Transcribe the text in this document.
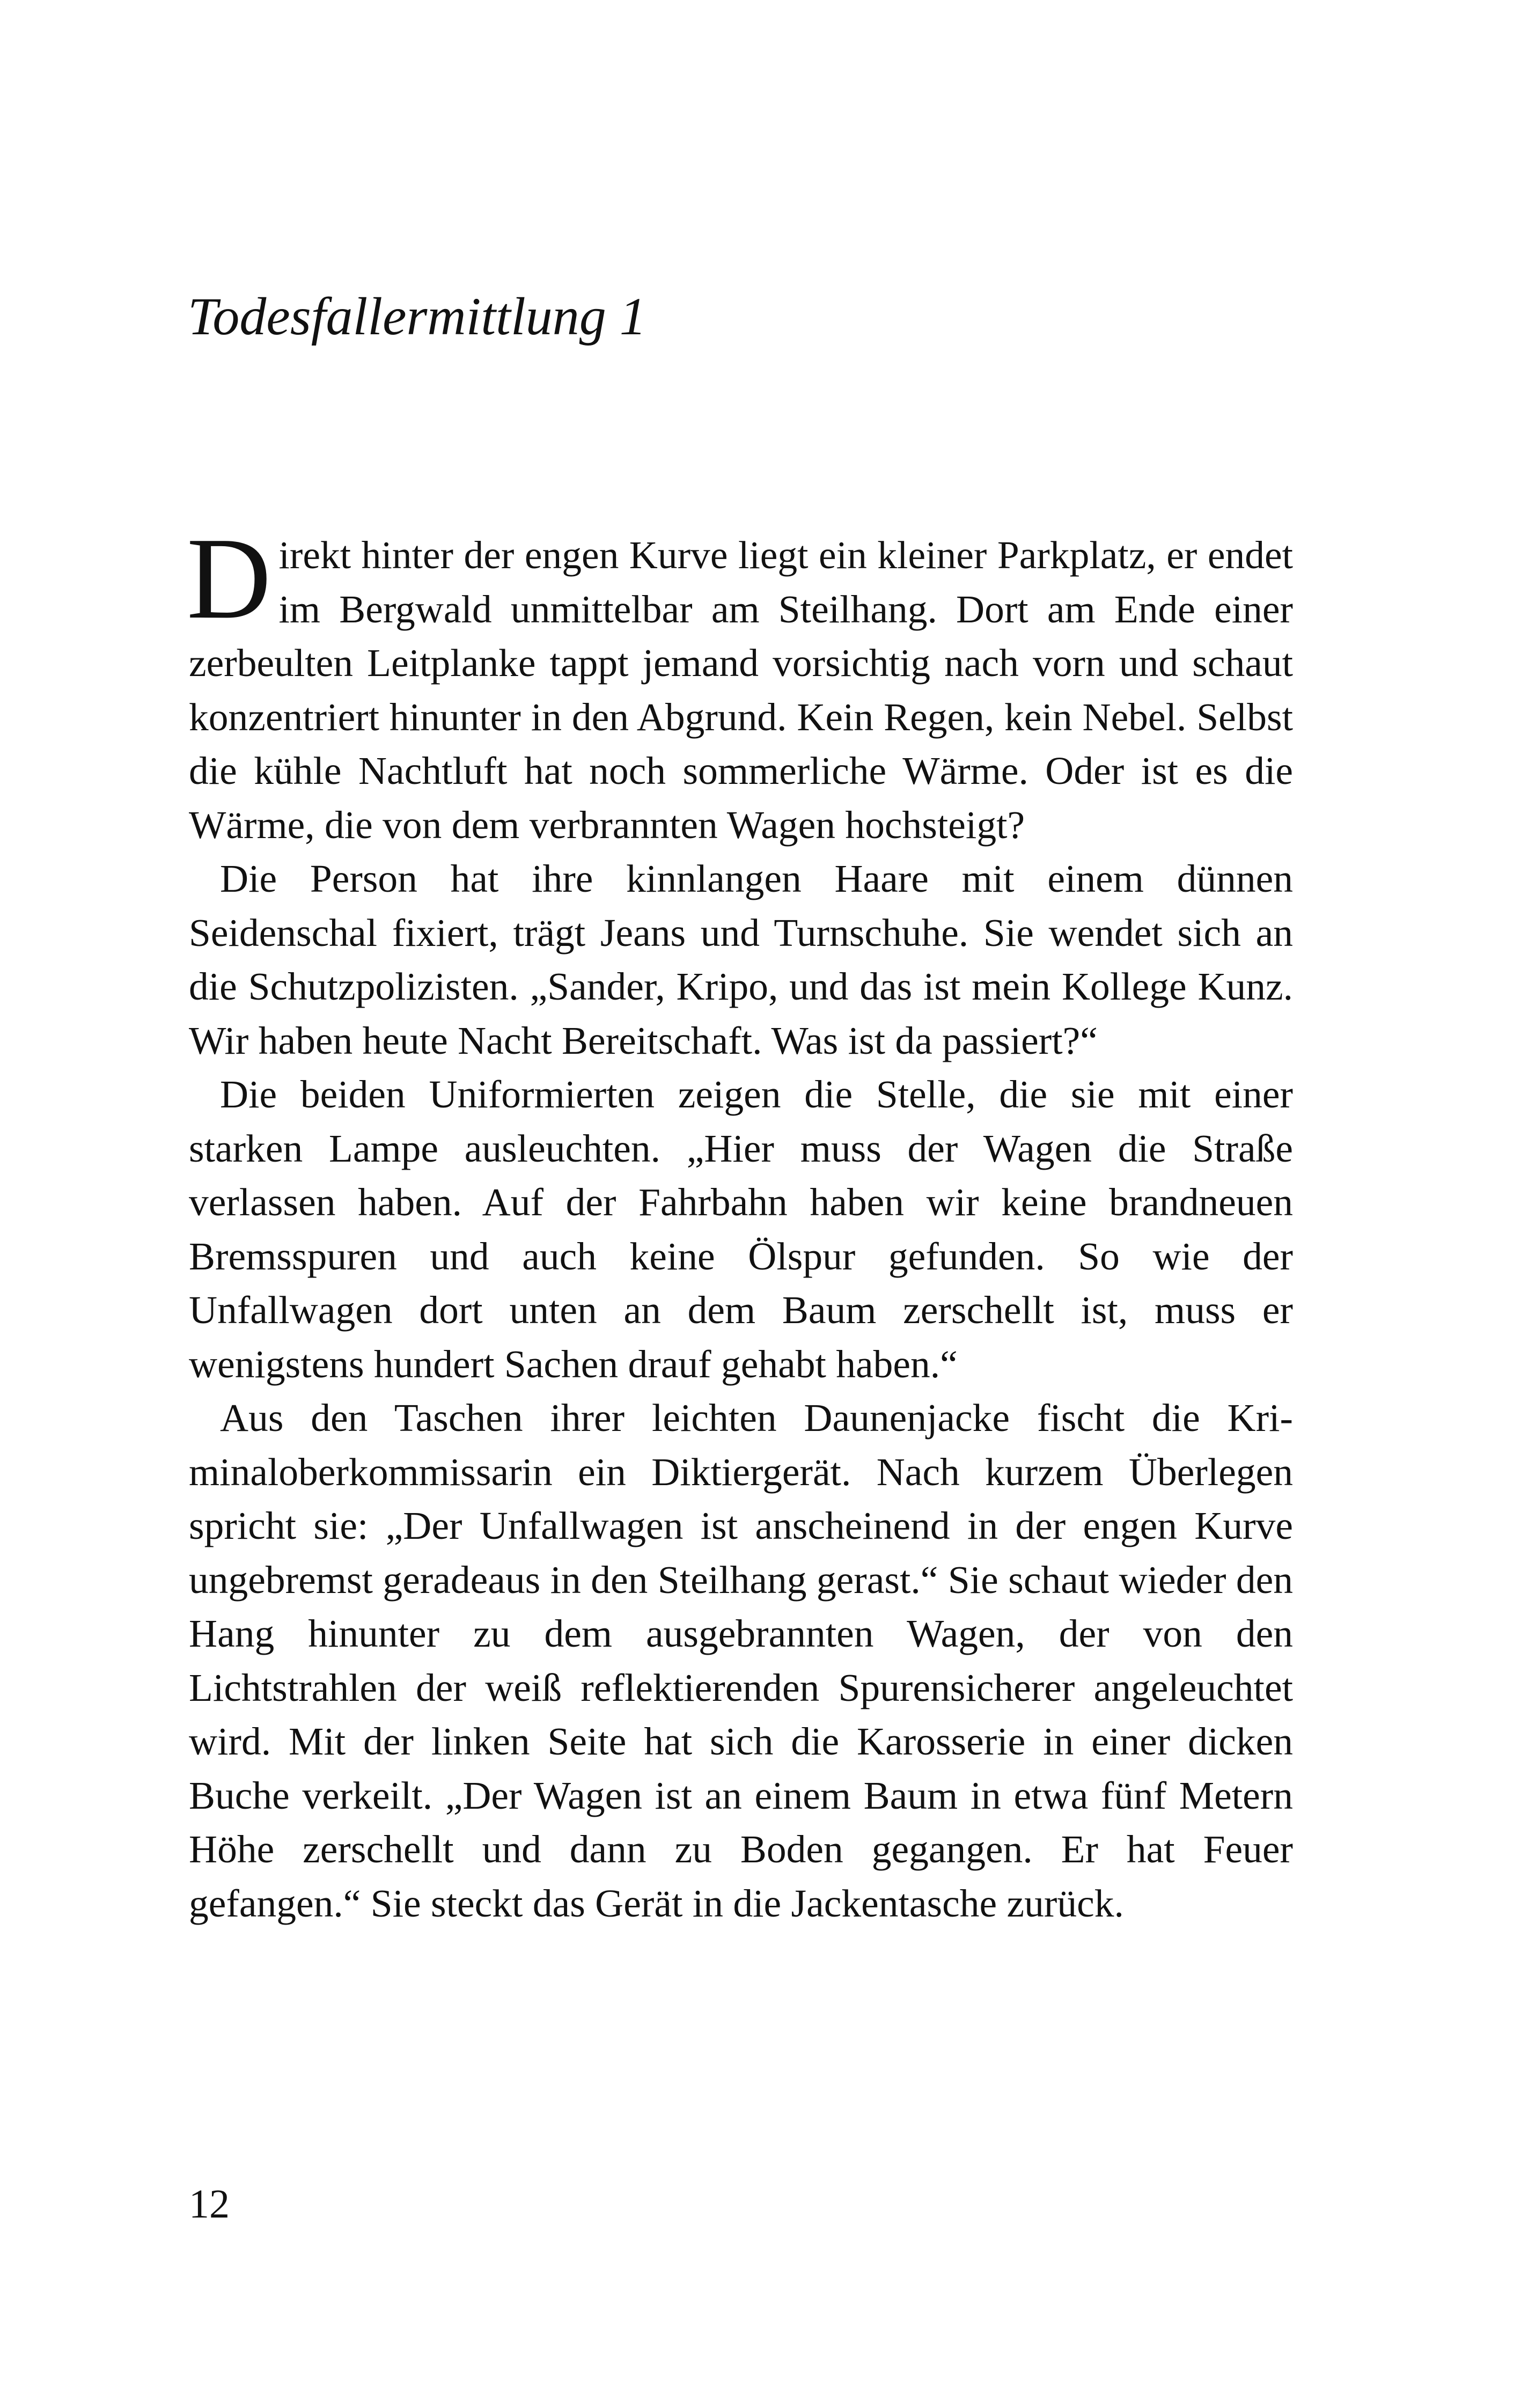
Todesfallermittlung 1

Direkt hinter der engen Kurve liegt ein kleiner Parkplatz, er endet im Bergwald unmittelbar am Steilhang. Dort am Ende einer zerbeulten Leitplanke tappt jemand vorsichtig nach vorn und schaut konzentriert hinunter in den Abgrund. Kein Regen, kein Nebel. Selbst die kühle Nachtluft hat noch sommerliche Wärme. Oder ist es die Wärme, die von dem verbrannten Wagen hochsteigt?

Die Person hat ihre kinnlangen Haare mit einem dünnen Seidenschal fixiert, trägt Jeans und Turnschuhe. Sie wendet sich an die Schutzpolizisten. „Sander, Kripo, und das ist mein Kollege Kunz. Wir haben heute Nacht Bereitschaft. Was ist da passiert?“

Die beiden Uniformierten zeigen die Stelle, die sie mit einer starken Lampe ausleuchten. „Hier muss der Wagen die Straße verlassen haben. Auf der Fahrbahn haben wir keine brandneuen Bremsspuren und auch keine Ölspur gefunden. So wie der Unfallwagen dort unten an dem Baum zerschellt ist, muss er wenigstens hundert Sachen drauf gehabt haben.“

Aus den Taschen ihrer leichten Daunenjacke fischt die Kriminaloberkommissarin ein Diktiergerät. Nach kurzem Überlegen spricht sie: „Der Unfallwagen ist anscheinend in der engen Kurve ungebremst geradeaus in den Steilhang gerast.“ Sie schaut wieder den Hang hinunter zu dem ausgebrannten Wagen, der von den Lichtstrahlen der weiß reflektierenden Spurensicherer angeleuchtet wird. Mit der linken Seite hat sich die Karosserie in einer dicken Buche verkeilt. „Der Wagen ist an einem Baum in etwa fünf Metern Höhe zerschellt und dann zu Boden gegangen. Er hat Feuer gefangen.“ Sie steckt das Gerät in die Jackentasche zurück.

12
